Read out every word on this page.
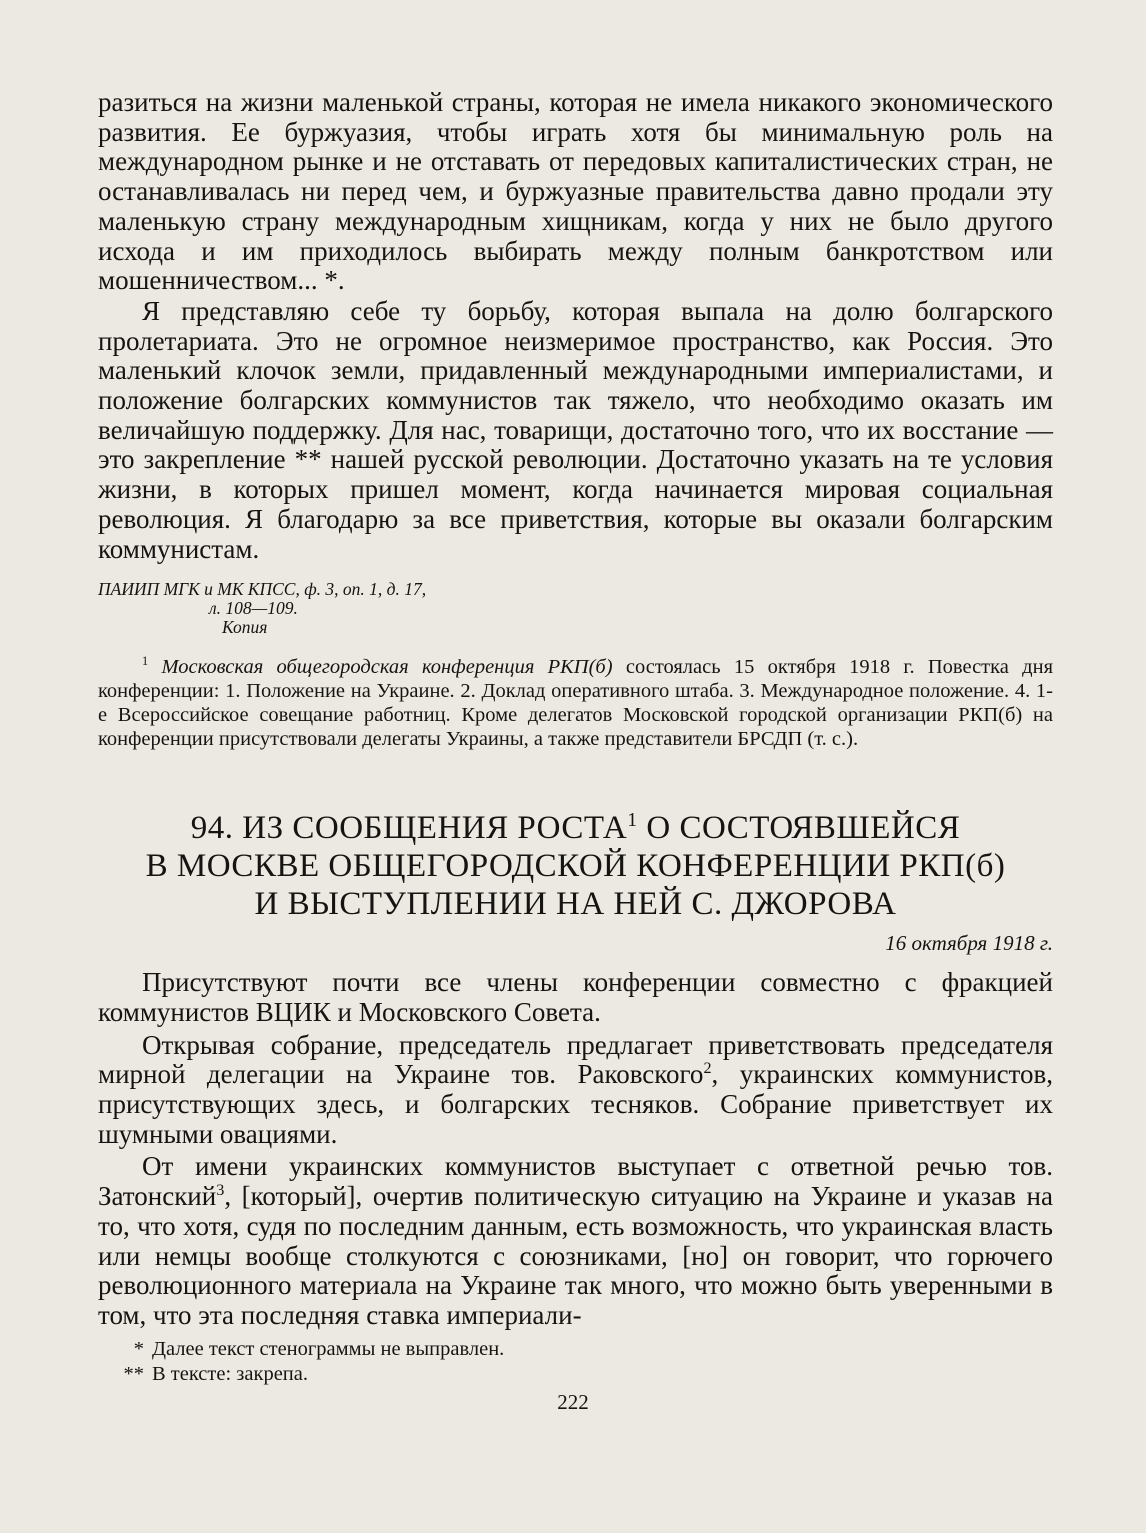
разиться на жизни маленькой страны, которая не имела никакого экономического развития. Ее буржуазия, чтобы играть хотя бы минимальную роль на международном рынке и не отставать от передовых капиталистических стран, не останавливалась ни перед чем, и буржуазные правительства давно продали эту маленькую страну международным хищникам, когда у них не было другого исхода и им приходилось выбирать между полным банкротством или мошенничеством... *.

Я представляю себе ту борьбу, которая выпала на долю болгарского пролетариата. Это не огромное неизмеримое пространство, как Россия. Это маленький клочок земли, придавленный международными империалистами, и положение болгарских коммунистов так тяжело, что необходимо оказать им величайшую поддержку. Для нас, товарищи, достаточно того, что их восстание — это закрепление ** нашей русской революции. Достаточно указать на те условия жизни, в которых пришел момент, когда начинается мировая социальная революция. Я благодарю за все приветствия, которые вы оказали болгарским коммунистам.

ПАИИП МГК и МК КПСС, ф. 3, оп. 1, д. 17,
л. 108—109.
Копия

$^1$ Московская общегородская конференция РКП(б) состоялась 15 октября 1918 г. Повестка дня конференции: 1. Положение на Украине. 2. Доклад оперативного штаба. 3. Международное положение. 4. 1-е Всероссийское совещание работниц. Кроме делегатов Московской городской организации РКП(б) на конференции присутствовали делегаты Украины, а также представители БРСДП (т. с.).

94. ИЗ СООБЩЕНИЯ РОСТА$^1$ О СОСТОЯВШЕЙСЯ
В МОСКВЕ ОБЩЕГОРОДСКОЙ КОНФЕРЕНЦИИ РКП(б)
И ВЫСТУПЛЕНИИ НА НЕЙ С. ДЖОРОВА
16 октября 1918 г.

Присутствуют почти все члены конференции совместно с фракцией коммунистов ВЦИК и Московского Совета.

Открывая собрание, председатель предлагает приветствовать председателя мирной делегации на Украине тов. Раковского$^2$, украинских коммунистов, присутствующих здесь, и болгарских тесняков. Собрание приветствует их шумными овациями.

От имени украинских коммунистов выступает с ответной речью тов. Затонский$^3$, [который], очертив политическую ситуацию на Украине и указав на то, что хотя, судя по последним данным, есть возможность, что украинская власть или немцы вообще столкуются с союзниками, [но] он говорит, что горючего революционного материала на Украине так много, что можно быть уверенными в том, что эта последняя ставка империали-

* Далее текст стенограммы не выправлен.

** В тексте: закрепа.

222
